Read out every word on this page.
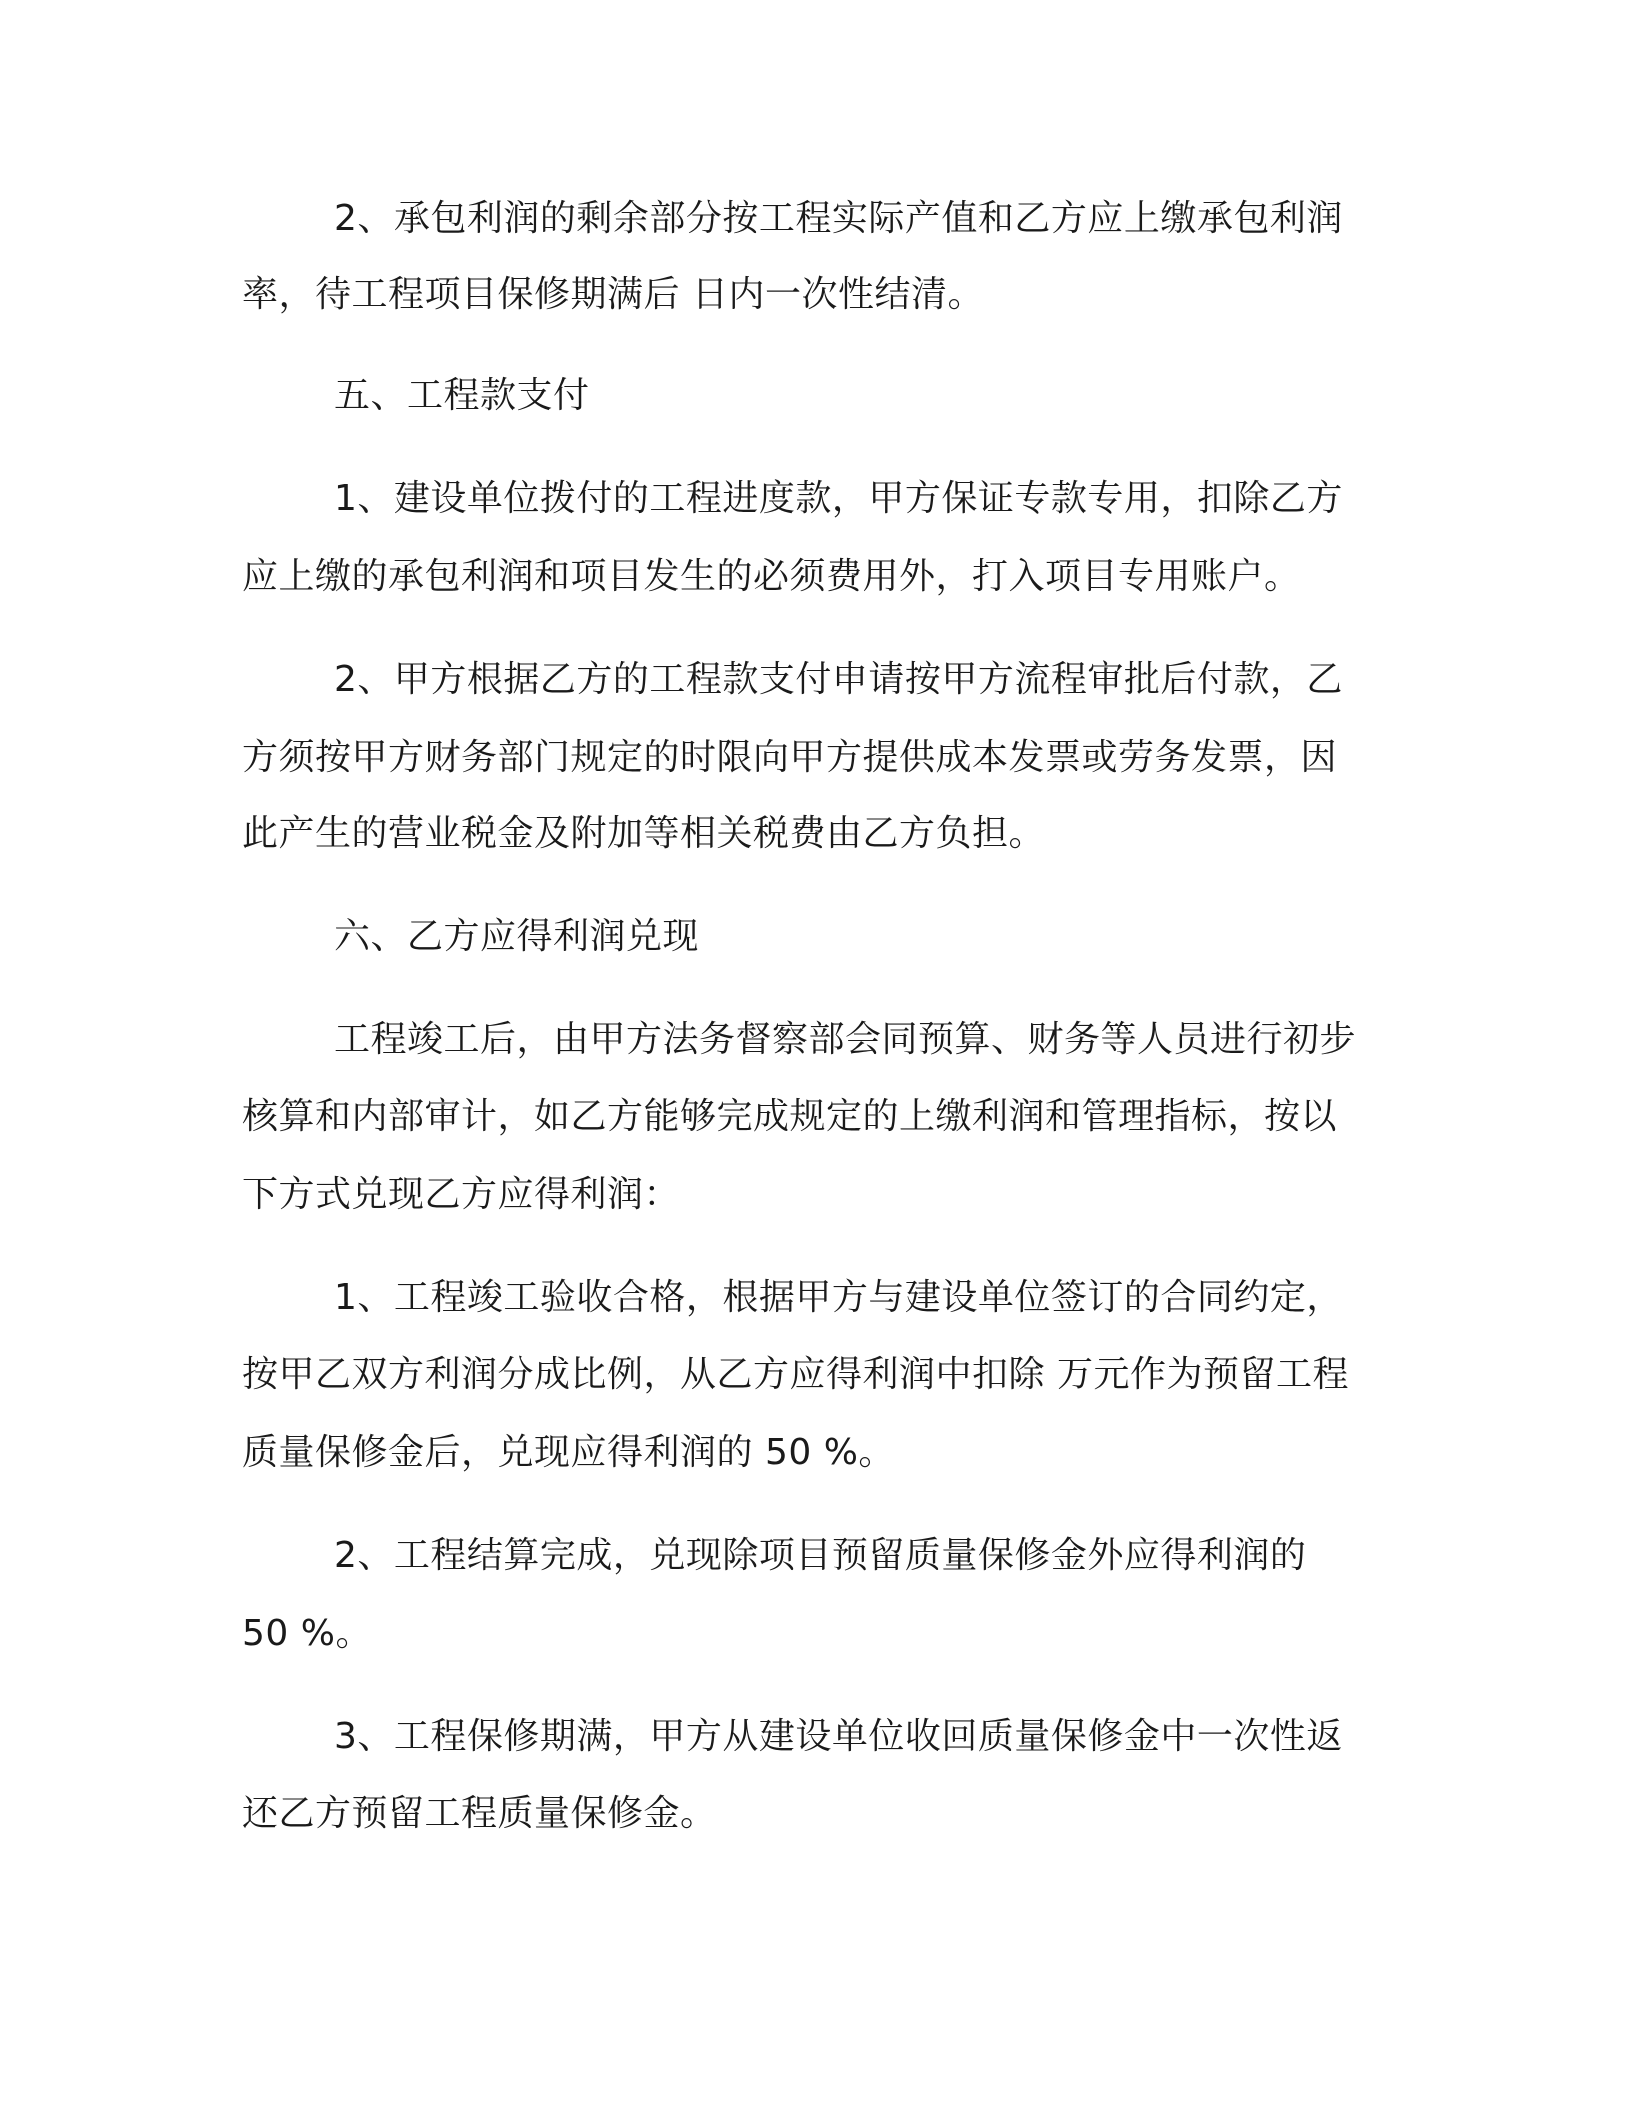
2、承包利润的剩余部分按工程实际产值和乙方应上缴承包利润
率，待工程项目保修期满后 日内一次性结清。
五、工程款支付
1、建设单位拨付的工程进度款，甲方保证专款专用，扣除乙方
应上缴的承包利润和项目发生的必须费用外，打入项目专用账户。
2、甲方根据乙方的工程款支付申请按甲方流程审批后付款，乙
方须按甲方财务部门规定的时限向甲方提供成本发票或劳务发票，因
此产生的营业税金及附加等相关税费由乙方负担。
六、乙方应得利润兑现
工程竣工后，由甲方法务督察部会同预算、财务等人员进行初步
核算和内部审计，如乙方能够完成规定的上缴利润和管理指标，按以
下方式兑现乙方应得利润：
1、工程竣工验收合格，根据甲方与建设单位签订的合同约定，
按甲乙双方利润分成比例，从乙方应得利润中扣除 万元作为预留工程
质量保修金后，兑现应得利润的 50 %。
2、工程结算完成，兑现除项目预留质量保修金外应得利润的
50 %。
3、工程保修期满，甲方从建设单位收回质量保修金中一次性返
还乙方预留工程质量保修金。
